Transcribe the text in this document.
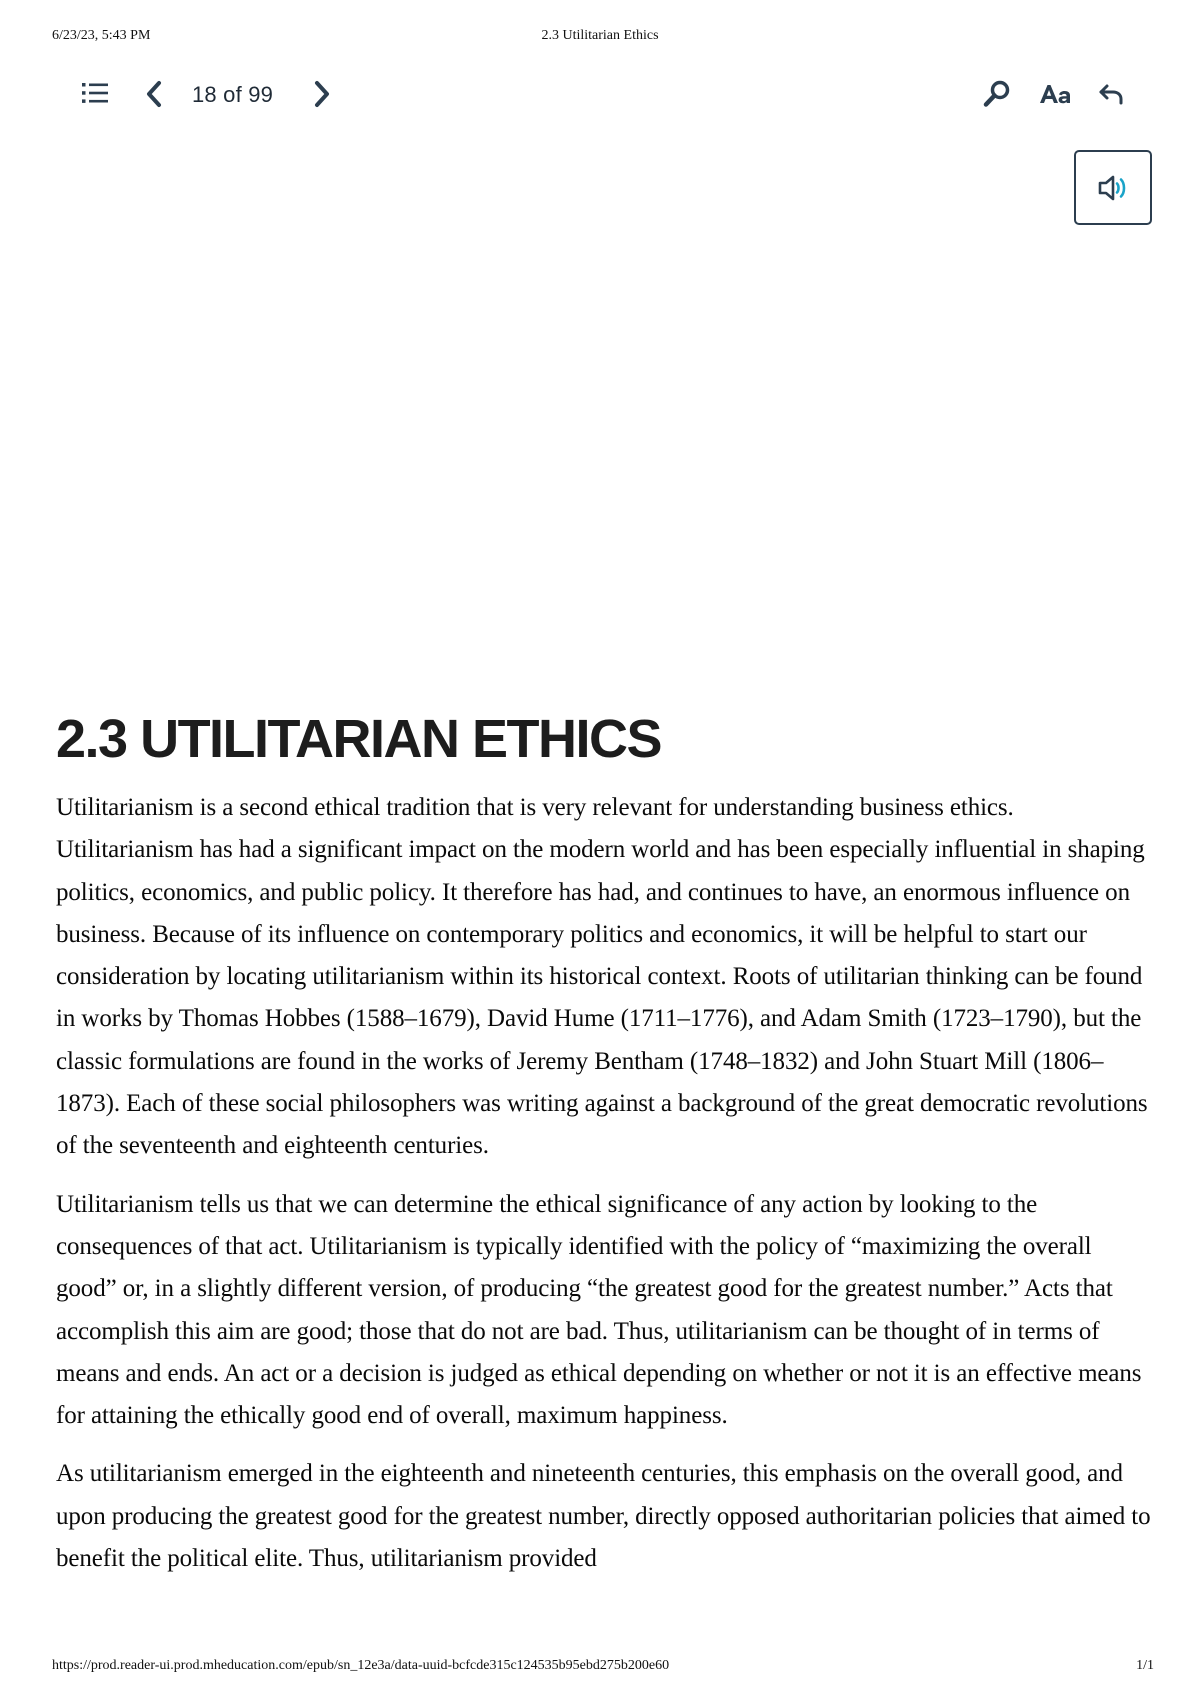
6/23/23, 5:43 PM	2.3 Utilitarian Ethics
18 of 99
2.3 UTILITARIAN ETHICS

Utilitarianism is a second ethical tradition that is very relevant for understanding business ethics. Utilitarianism has had a significant impact on the modern world and has been especially influential in shaping politics, economics, and public policy. It therefore has had, and continues to have, an enormous influence on business. Because of its influence on contemporary politics and economics, it will be helpful to start our consideration by locating utilitarianism within its historical context. Roots of utilitarian thinking can be found in works by Thomas Hobbes (1588–1679), David Hume (1711–1776), and Adam Smith (1723–1790), but the classic formulations are found in the works of Jeremy Bentham (1748–1832) and John Stuart Mill (1806–1873). Each of these social philosophers was writing against a background of the great democratic revolutions of the seventeenth and eighteenth centuries.

Utilitarianism tells us that we can determine the ethical significance of any action by looking to the consequences of that act. Utilitarianism is typically identified with the policy of “maximizing the overall good” or, in a slightly different version, of producing “the greatest good for the greatest number.” Acts that accomplish this aim are good; those that do not are bad. Thus, utilitarianism can be thought of in terms of means and ends. An act or a decision is judged as ethical depending on whether or not it is an effective means for attaining the ethically good end of overall, maximum happiness.

As utilitarianism emerged in the eighteenth and nineteenth centuries, this emphasis on the overall good, and upon producing the greatest good for the greatest number, directly opposed authoritarian policies that aimed to benefit the political elite. Thus, utilitarianism provided

https://prod.reader-ui.prod.mheducation.com/epub/sn_12e3a/data-uuid-bcfcde315c124535b95ebd275b200e60	1/1
